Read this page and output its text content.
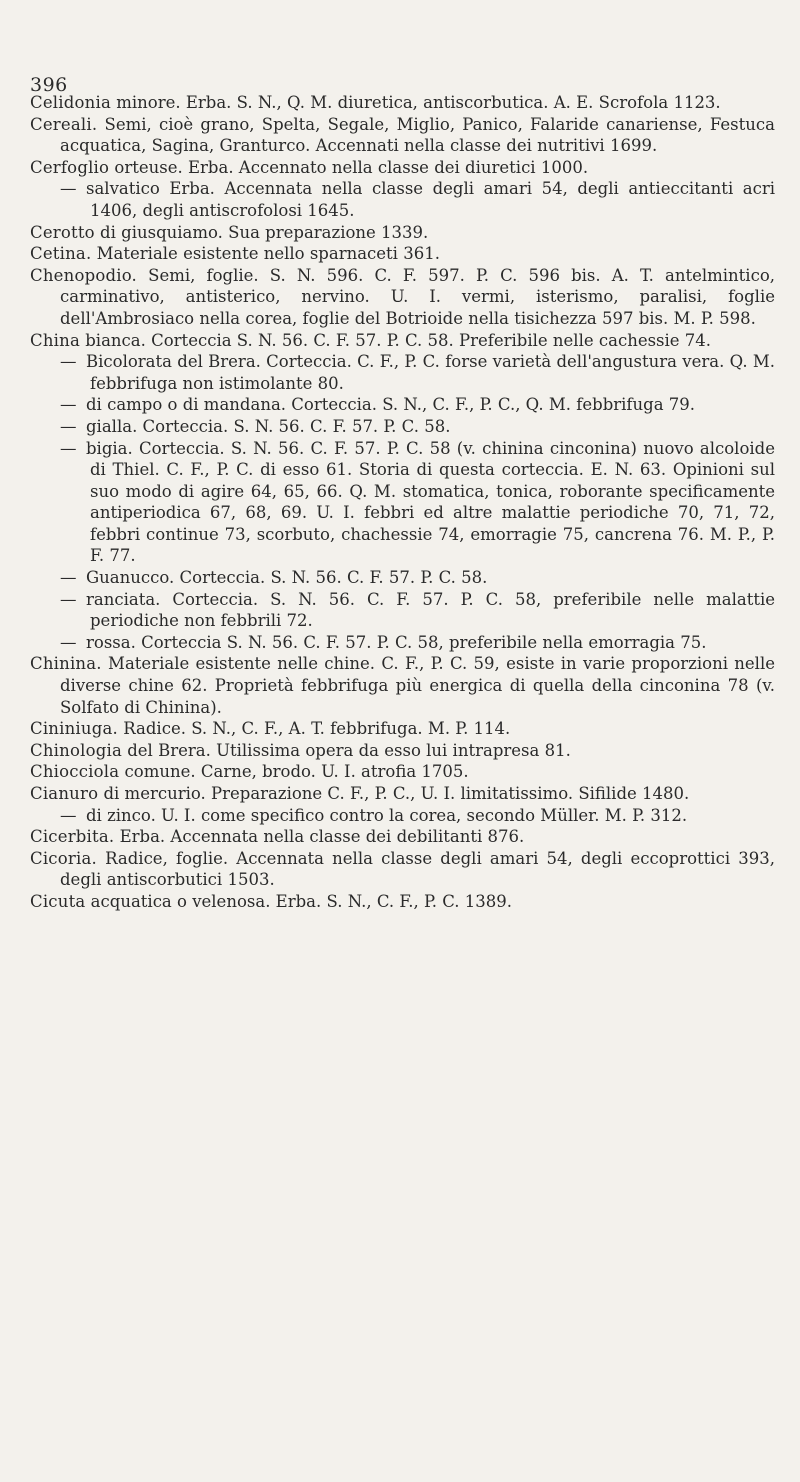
396

Celidonia minore. Erba. S. N., Q. M. diuretica, antiscorbutica. A. E. Scrofola 1123.

Cereali. Semi, cioè grano, Spelta, Segale, Miglio, Panico, Falaride canariense, Festuca acquatica, Sagina, Granturco. Accennati nella classe dei nutritivi 1699.

Cerfoglio orteuse. Erba. Accennato nella classe dei diuretici 1000.

— salvatico Erba. Accennata nella classe degli amari 54, degli antieccitanti acri 1406, degli antiscrofolosi 1645.

Cerotto di giusquiamo. Sua preparazione 1339.

Cetina. Materiale esistente nello sparnaceti 361.

Chenopodio. Semi, foglie. S. N. 596. C. F. 597. P. C. 596 bis. A. T. antelmintico, carminativo, antisterico, nervino. U. I. vermi, isterismo, paralisi, foglie dell'Ambrosiaco nella corea, foglie del Botrioide nella tisichezza 597 bis. M. P. 598.

China bianca. Corteccia S. N. 56. C. F. 57. P. C. 58. Preferibile nelle cachessie 74.

— Bicolorata del Brera. Corteccia. C. F., P. C. forse varietà dell'angustura vera. Q. M. febbrifuga non istimolante 80.

— di campo o di mandana. Corteccia. S. N., C. F., P. C., Q. M. febbrifuga 79.

— gialla. Corteccia. S. N. 56. C. F. 57. P. C. 58.

— bigia. Corteccia. S. N. 56. C. F. 57. P. C. 58 (v. chinina cinconina) nuovo alcoloide di Thiel. C. F., P. C. di esso 61. Storia di questa corteccia. E. N. 63. Opinioni sul suo modo di agire 64, 65, 66. Q. M. stomatica, tonica, roborante specificamente antiperiodica 67, 68, 69. U. I. febbri ed altre malattie periodiche 70, 71, 72, febbri continue 73, scorbuto, chachessie 74, emorragie 75, cancrena 76. M. P., P. F. 77.

— Guanucco. Corteccia. S. N. 56. C. F. 57. P. C. 58.

— ranciata. Corteccia. S. N. 56. C. F. 57. P. C. 58, preferibile nelle malattie periodiche non febbrili 72.

— rossa. Corteccia S. N. 56. C. F. 57. P. C. 58, preferibile nella emorragia 75.

Chinina. Materiale esistente nelle chine. C. F., P. C. 59, esiste in varie proporzioni nelle diverse chine 62. Proprietà febbrifuga più energica di quella della cinconina 78 (v. Solfato di Chinina).

Cininiuga. Radice. S. N., C. F., A. T. febbrifuga. M. P. 114.

Chinologia del Brera. Utilissima opera da esso lui intrapresa 81.

Chiocciola comune. Carne, brodo. U. I. atrofia 1705.

Cianuro di mercurio. Preparazione C. F., P. C., U. I. limitatissimo. Sifilide 1480.

— di zinco. U. I. come specifico contro la corea, secondo Müller. M. P. 312.

Cicerbita. Erba. Accennata nella classe dei debilitanti 876.

Cicoria. Radice, foglie. Accennata nella classe degli amari 54, degli eccoprottici 393, degli antiscorbutici 1503.

Cicuta acquatica o velenosa. Erba. S. N., C. F., P. C. 1389.
